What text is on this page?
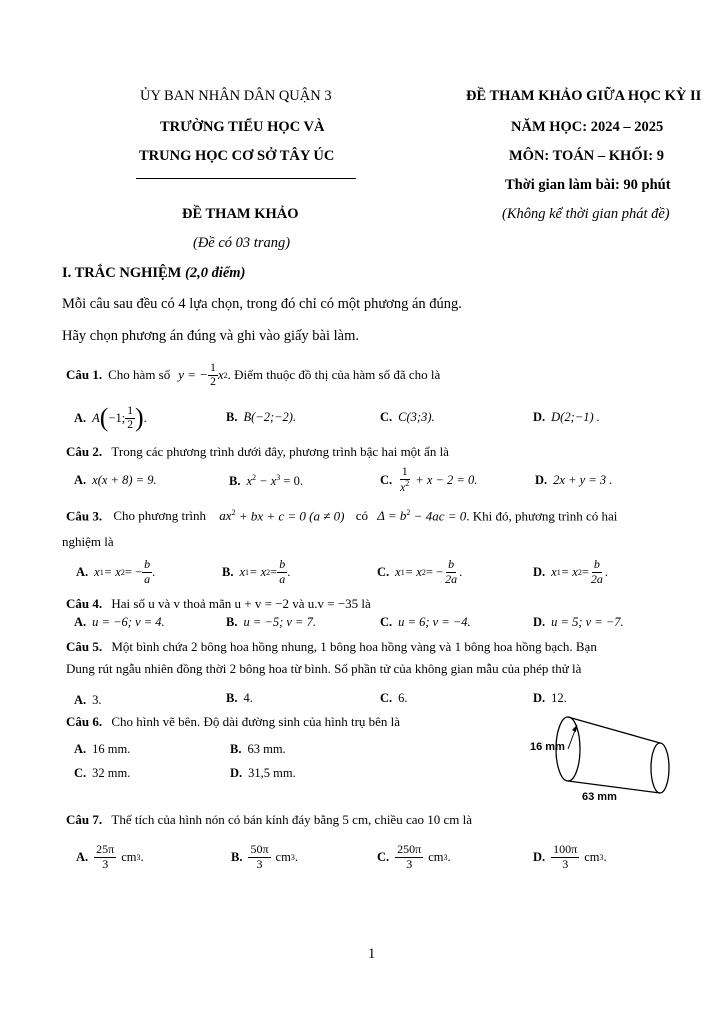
ỦY BAN NHÂN DÂN QUẬN 3
TRƯỜNG TIỂU HỌC VÀ
TRUNG HỌC CƠ SỞ TÂY ÚC
ĐỀ THAM KHẢO
(Đề có 03 trang)
ĐỀ THAM KHẢO GIỮA HỌC KỲ II
NĂM HỌC: 2024 – 2025
MÔN: TOÁN – KHỐI: 9
Thời gian làm bài: 90 phút
(Không kể thời gian phát đề)
I. TRẮC NGHIỆM (2,0 điểm)
Mỗi câu sau đều có 4 lựa chọn, trong đó chỉ có một phương án đúng.
Hãy chọn phương án đúng và ghi vào giấy bài làm.
Câu 1. Cho hàm số y = − $\frac{1}{2}$ x 2 . Điểm thuộc đồ thị của hàm số đã cho là
A. A ( −1; $\frac{1}{2}$ ) .	B. B(−2;−2).	C. C(3;3).	D. D(2;−1) .
Câu 2. Trong các phương trình dưới đây, phương trình bậc hai một ẩn là
A. x(x + 8) = 9.	B. $x^2 - x^3 = 0$.	C. $\frac{1}{x^2} + x - 2 = 0$.	D. 2x + y = 3 .
Câu 3. Cho phương trình $ax^2$ + bx + c = 0 (a ≠ 0) có $\Delta = b^2 - 4ac = 0$. Khi đó, phương trình có hai
nghiệm là
A. x 1 = x 2 = − $\frac{b}{a}$ .	B. x 1 = x $2 = \frac{b}{a}$ .	C. x 1 = x 2 = − $\frac{b}{2a}$ .	D. x 1 = x $2 = \frac{b}{2a}$ .
Câu 4. Hai số u và v thoả mãn u + v = −2 và u.v = −35 là
A. u = −6; v = 4.	B. u = −5; v = 7.	C. u = 6; v = −4.	D. u = 5; v = −7.
Câu 5. Một bình chứa 2 bông hoa hồng nhung, 1 bông hoa hồng vàng và 1 bông hoa hồng bạch. Bạn
Dung rút ngẫu nhiên đồng thời 2 bông hoa từ bình. Số phần tử của không gian mẫu của phép thử là
A. 3.	B. 4.	C. 6.	D. 12.
Câu 6. Cho hình vẽ bên. Độ dài đường sinh của hình trụ bên là
A. 16 mm.	B. 63 mm.
C. 32 mm.	D. 31,5 mm.
16 mm
63 mm
Câu 7. Thể tích của hình nón có bán kính đáy bằng 5 cm, chiều cao 10 cm là
A. $\frac{25\pi}{3}$ cm 3 .	B. $\frac{50\pi}{3}$ cm 3 .	C. $\frac{250\pi}{3}$ cm 3 .	D. $\frac{100\pi}{3}$ cm 3 .
1
